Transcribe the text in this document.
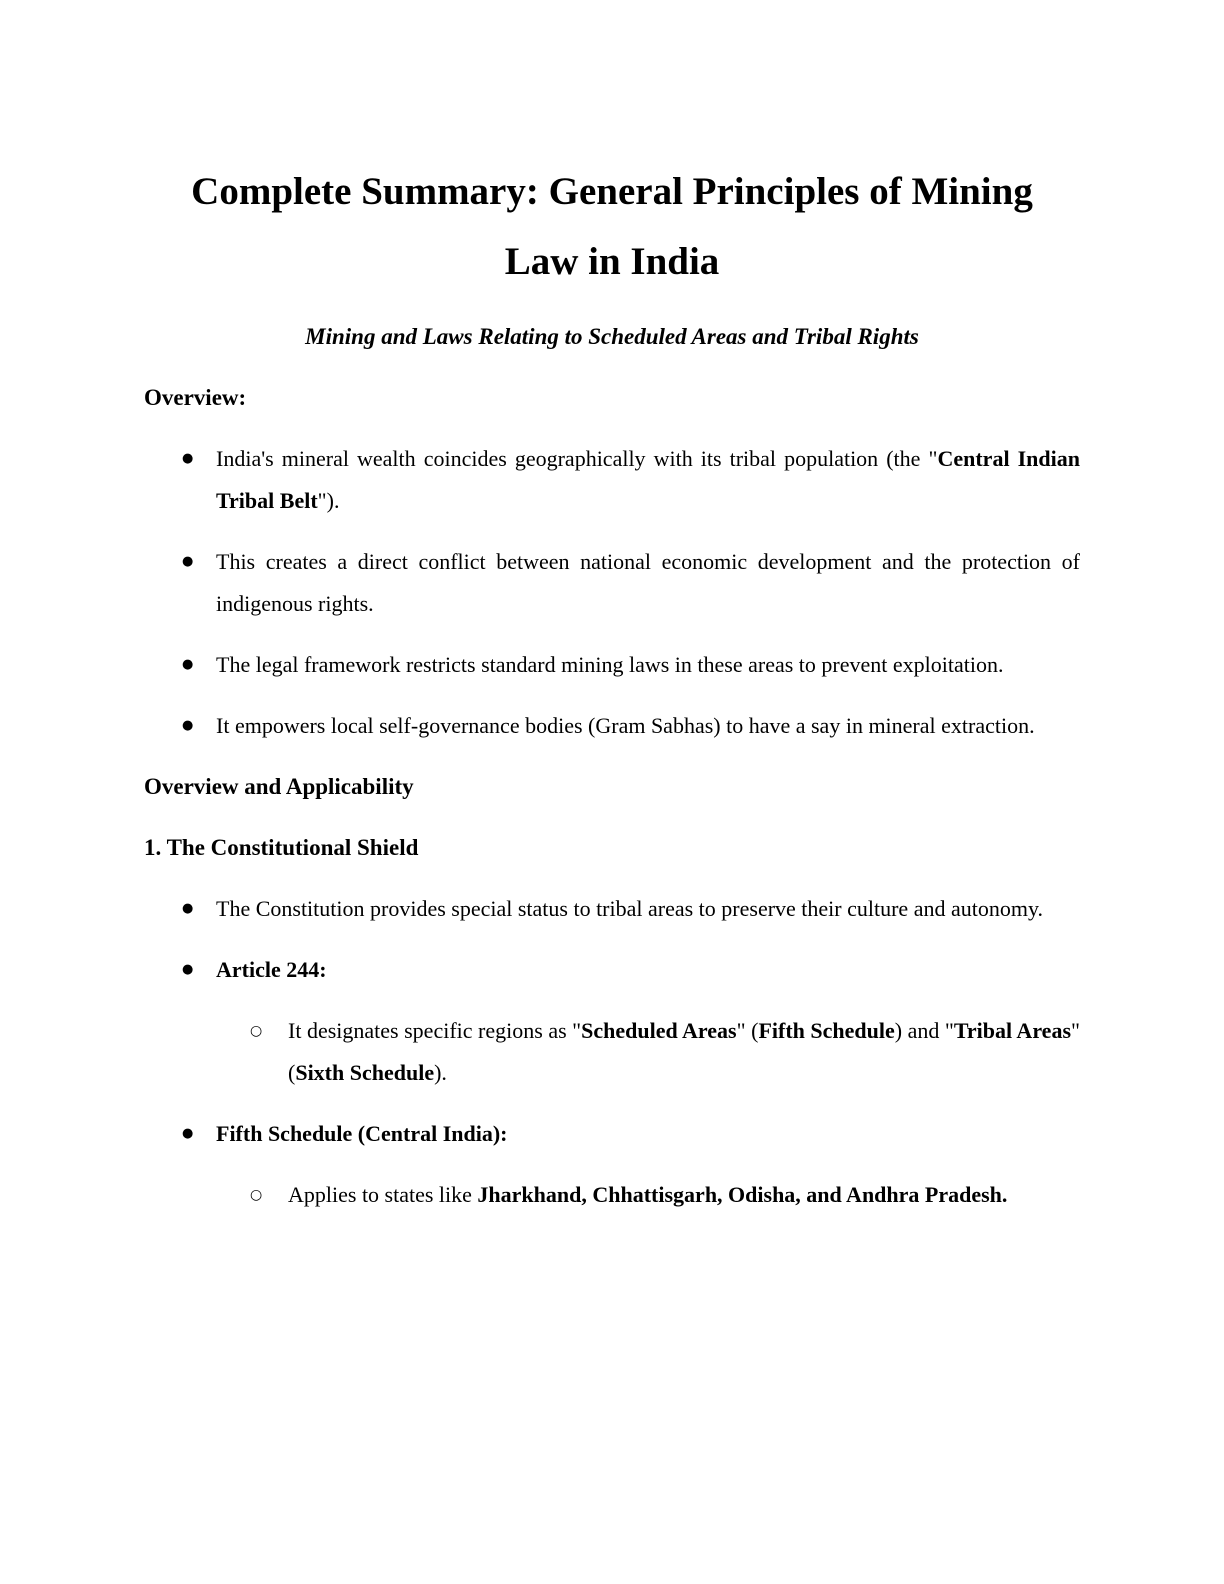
Complete Summary: General Principles of Mining
Law in India

Mining and Laws Relating to Scheduled Areas and Tribal Rights

Overview:
● India's mineral wealth coincides geographically with its tribal population (the "Central Indian Tribal Belt").
● This creates a direct conflict between national economic development and the protection of indigenous rights.
● The legal framework restricts standard mining laws in these areas to prevent exploitation.
● It empowers local self-governance bodies (Gram Sabhas) to have a say in mineral extraction.
Overview and Applicability
1. The Constitutional Shield
● The Constitution provides special status to tribal areas to preserve their culture and autonomy.
● Article 244:
○ It designates specific regions as "Scheduled Areas" (Fifth Schedule) and "Tribal Areas" (Sixth Schedule).
● Fifth Schedule (Central India):
○ Applies to states like Jharkhand, Chhattisgarh, Odisha, and Andhra Pradesh.
